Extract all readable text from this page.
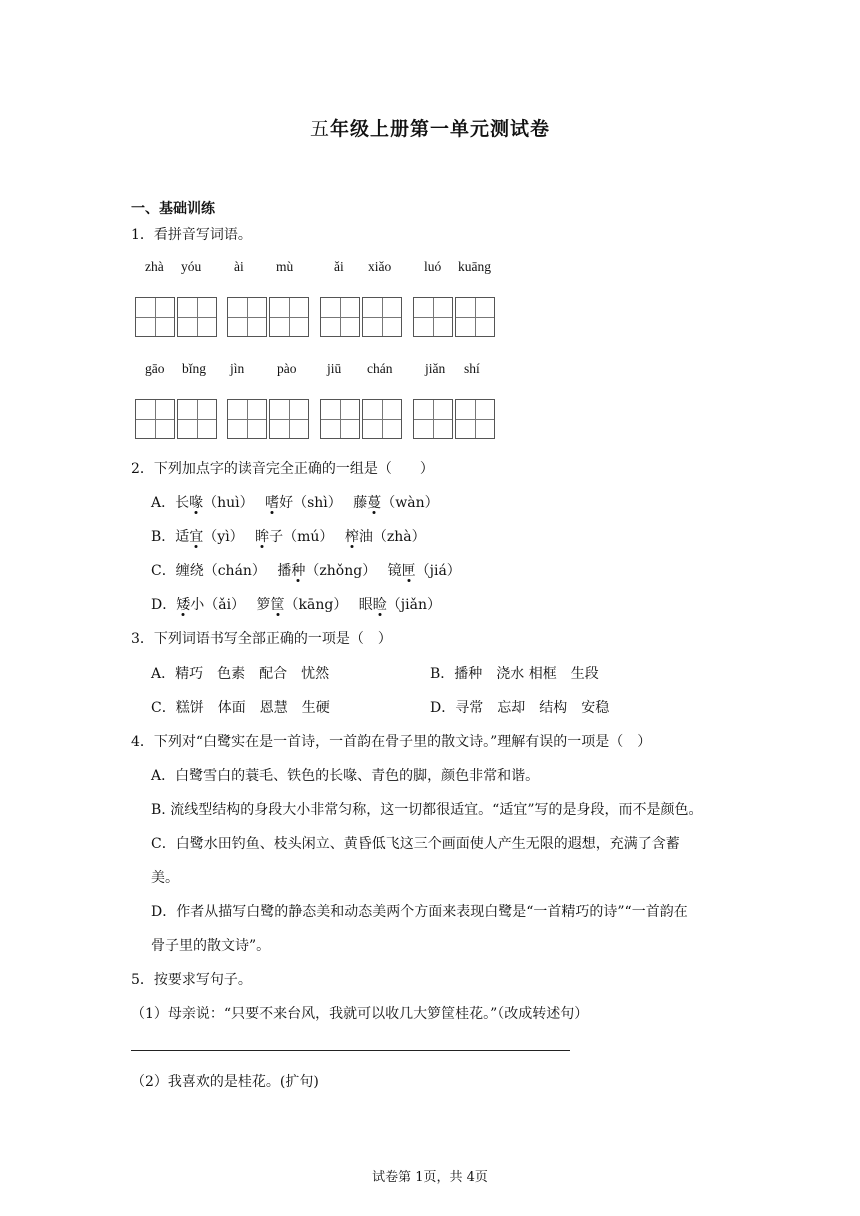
五年级上册第一单元测试卷
一、基础训练
1．看拼音写词语。
zhà yóu ài mù	ǎi xiǎo luó kuāng
gāo bǐng jìn pào jiū chán jiǎn shí
2．下列加点字的读音完全正确的一组是（　　）
A．长喙（huì）　 嗜好（shì）　 藤蔓（wàn）
B．适宜（yì）　 眸子（mú）　 榨油（zhà）
C．缠绕（chán）　 播种（zhǒng）　 镜匣（jiá）
D．矮小（ǎi）　 箩筐（kāng）　 眼睑（jiǎn）
3．下列词语书写全部正确的一项是（　）
A．精巧　色素　配合　忧然	B．播种　浇水 相框　生段
C．糕饼　体面　恩慧　生硬	D．寻常　忘却　结构　安稳
4．下列对“白鹭实在是一首诗，一首韵在骨子里的散文诗。”理解有误的一项是（　）
A．白鹭雪白的蓑毛、铁色的长喙、青色的脚，颜色非常和谐。
B. 流线型结构的身段大小非常匀称，这一切都很适宜。“适宜”写的是身段，而不是颜色。
C．白鹭水田钓鱼、枝头闲立、黄昏低飞这三个画面使人产生无限的遐想，充满了含蓄
美。
D．作者从描写白鹭的静态美和动态美两个方面来表现白鹭是“一首精巧的诗”“一首韵在
骨子里的散文诗”。
5．按要求写句子。
（1）母亲说：“只要不来台风，我就可以收几大箩筐桂花。”（改成转述句）
（2）我喜欢的是桂花。(扩句)
试卷第 1页，共 4页
